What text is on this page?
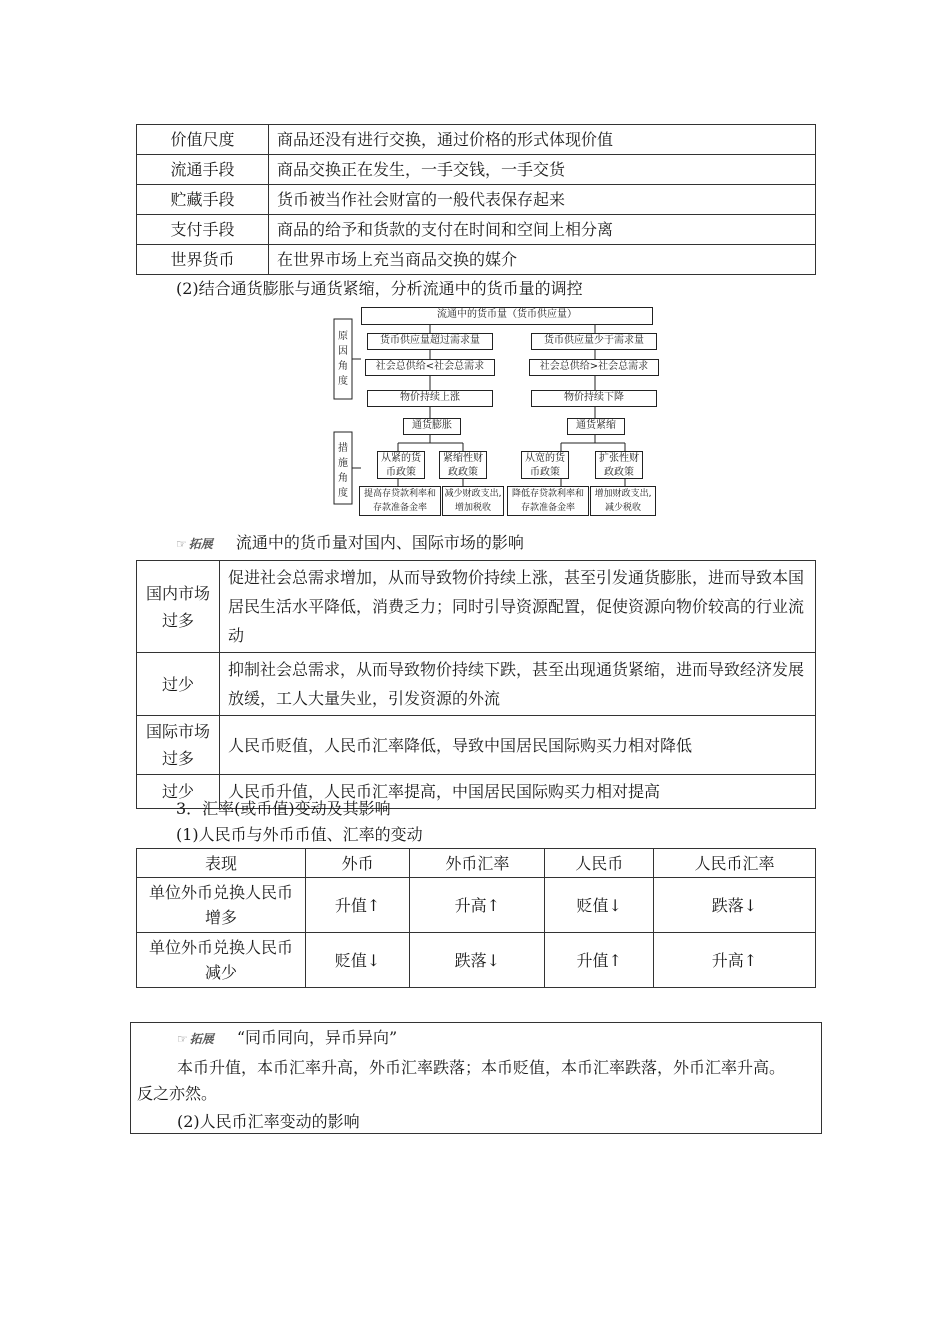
价值尺度	商品还没有进行交换，通过价格的形式体现价值
流通手段	商品交换正在发生，一手交钱，一手交货
贮藏手段	货币被当作社会财富的一般代表保存起来
支付手段	商品的给予和货款的支付在时间和空间上相分离
世界货币	在世界市场上充当商品交换的媒介
(2)结合通货膨胀与通货紧缩，分析流通中的货币量的调控
流通中的货币量（货币供应量）
原因角度
措施角度
货币供应量超过需求量
社会总供给<社会总需求
物价持续上涨
通货膨胀
从紧的货币政策
紧缩性财政政策
提高存贷款利率和存款准备金率
减少财政支出,增加税收
货币供应量少于需求量
社会总供给>社会总需求
物价持续下降
通货紧缩
从宽的货币政策
扩张性财政政策
降低存贷款利率和存款准备金率
增加财政支出,减少税收
☞ 拓展 流通中的货币量对国内、国际市场的影响
国内市场过多	促进社会总需求增加，从而导致物价持续上涨，甚至引发通货膨胀，进而导致本国居民生活水平降低，消费乏力；同时引导资源配置，促使资源向物价较高的行业流动
过少	抑制社会总需求，从而导致物价持续下跌，甚至出现通货紧缩，进而导致经济发展放缓，工人大量失业，引发资源的外流
国际市场过多	人民币贬值，人民币汇率降低，导致中国居民国际购买力相对降低
过少	人民币升值，人民币汇率提高，中国居民国际购买力相对提高
3．汇率(或币值)变动及其影响
(1)人民币与外币币值、汇率的变动
表现	外币	外币汇率	人民币	人民币汇率
单位外币兑换人民币增多	升值↑	升高↑	贬值↓	跌落↓
单位外币兑换人民币减少	贬值↓	跌落↓	升值↑	升高↑
☞ 拓展 “同币同向，异币异向”
本币升值，本币汇率升高，外币汇率跌落；本币贬值，本币汇率跌落，外币汇率升高。
反之亦然。
(2)人民币汇率变动的影响
